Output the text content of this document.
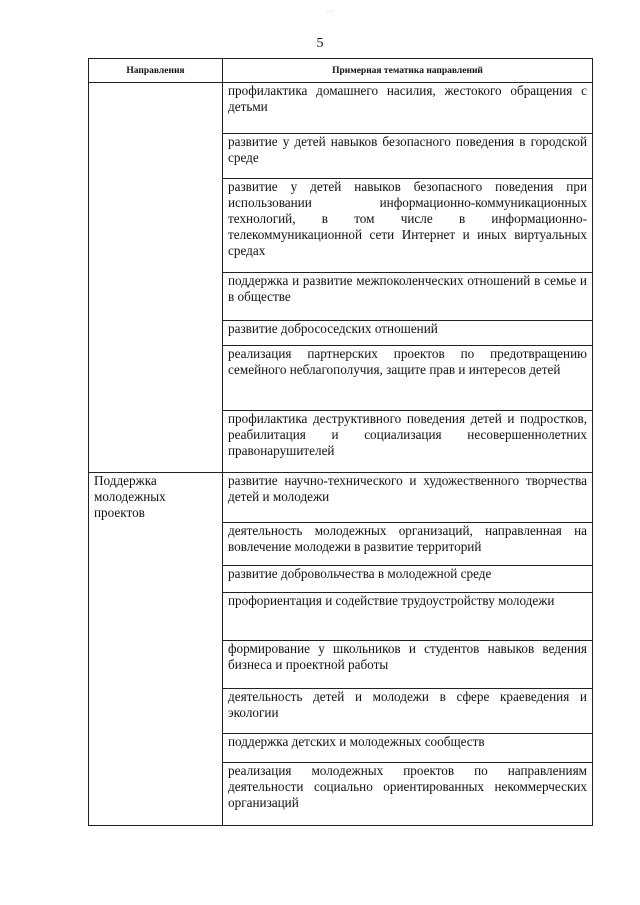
...
5
Направления	Примерная тематика направлений
	профилактика домашнего насилия, жестокого обращения с детьми
	развитие у детей навыков безопасного поведения в городской среде
	развитие у детей навыков безопасного поведения при использовании информационно-коммуникационных технологий, в том числе в информационно-телекоммуникационной сети Интернет и иных виртуальных средах
	поддержка и развитие межпоколенческих отношений в семье и в обществе
	развитие добрососедских отношений
	реализация партнерских проектов по предотвращению семейного неблагополучия, защите прав и интересов детей
	профилактика деструктивного поведения детей и подростков, реабилитация и социализация несовершеннолетних правонарушителей
Поддержка молодежных проектов	развитие научно-технического и художественного творчества детей и молодежи
	деятельность молодежных организаций, направленная на вовлечение молодежи в развитие территорий
	развитие добровольчества в молодежной среде
	профориентация и содействие трудоустройству молодежи
	формирование у школьников и студентов навыков ведения бизнеса и проектной работы
	деятельность детей и молодежи в сфере краеведения и экологии
	поддержка детских и молодежных сообществ
	реализация молодежных проектов по направлениям деятельности социально ориентированных некоммерческих организаций
